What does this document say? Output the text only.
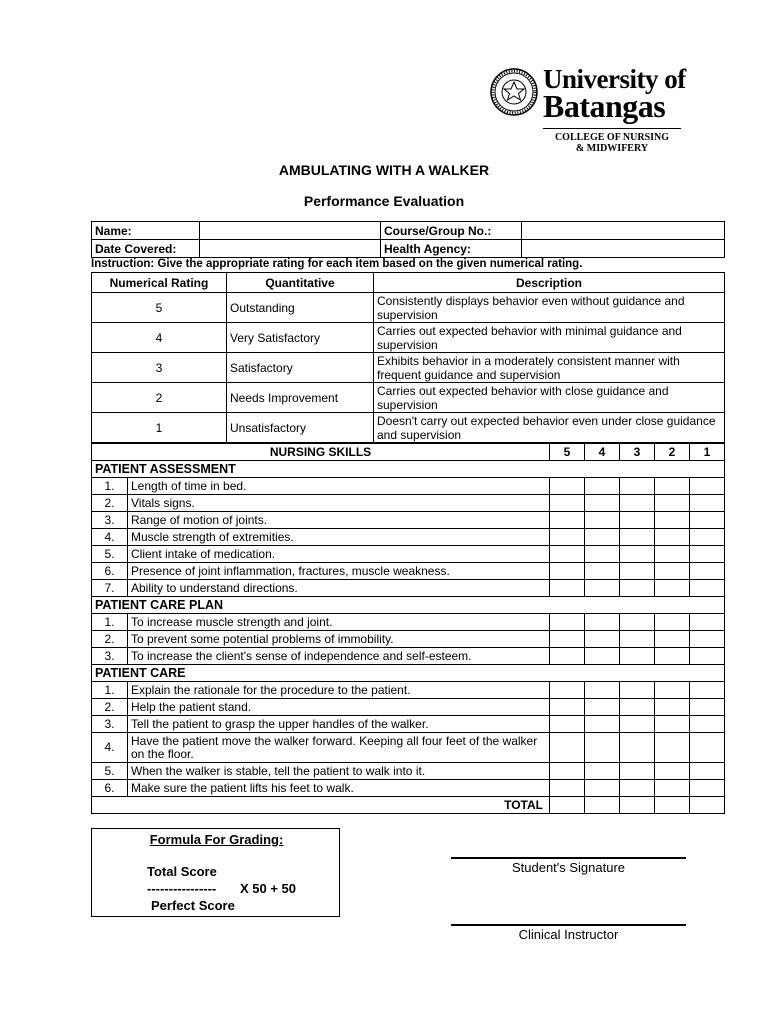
University of
Batangas
COLLEGE OF NURSING
& MIDWIFERY
AMBULATING WITH A WALKER
Performance Evaluation
Name:		Course/Group No.:	
Date Covered:		Health Agency:	
Instruction: Give the appropriate rating for each item based on the given numerical rating.
Numerical Rating	Quantitative	Description
5	Outstanding	Consistently displays behavior even without guidance and supervision
4	Very Satisfactory	Carries out expected behavior with minimal guidance and supervision
3	Satisfactory	Exhibits behavior in a moderately consistent manner with frequent guidance and supervision
2	Needs Improvement	Carries out expected behavior with close guidance and supervision
1	Unsatisfactory	Doesn't carry out expected behavior even under close guidance and supervision
NURSING SKILLS		5	4	3	2	1
PATIENT ASSESSMENT						
1.	Length of time in bed.					
2.	Vitals signs.					
3.	Range of motion of joints.					
4.	Muscle strength of extremities.					
5.	Client intake of medication.					
6.	Presence of joint inflammation, fractures, muscle weakness.					
7.	Ability to understand directions.					
PATIENT CARE PLAN						
1.	To increase muscle strength and joint.					
2.	To prevent some potential problems of immobility.					
3.	To increase the client's sense of independence and self-esteem.					
PATIENT CARE						
1.	Explain the rationale for the procedure to the patient.					
2.	Help the patient stand.					
3.	Tell the patient to grasp the upper handles of the walker.					
4.	Have the patient move the walker forward. Keeping all four feet of the walker on the floor.					
5.	When the walker is stable, tell the patient to walk into it.					
6.	Make sure the patient lifts his feet to walk.					
TOTAL						
Formula For Grading:
Total Score
---------------- X 50 + 50
Perfect Score
Student's Signature
Clinical Instructor
